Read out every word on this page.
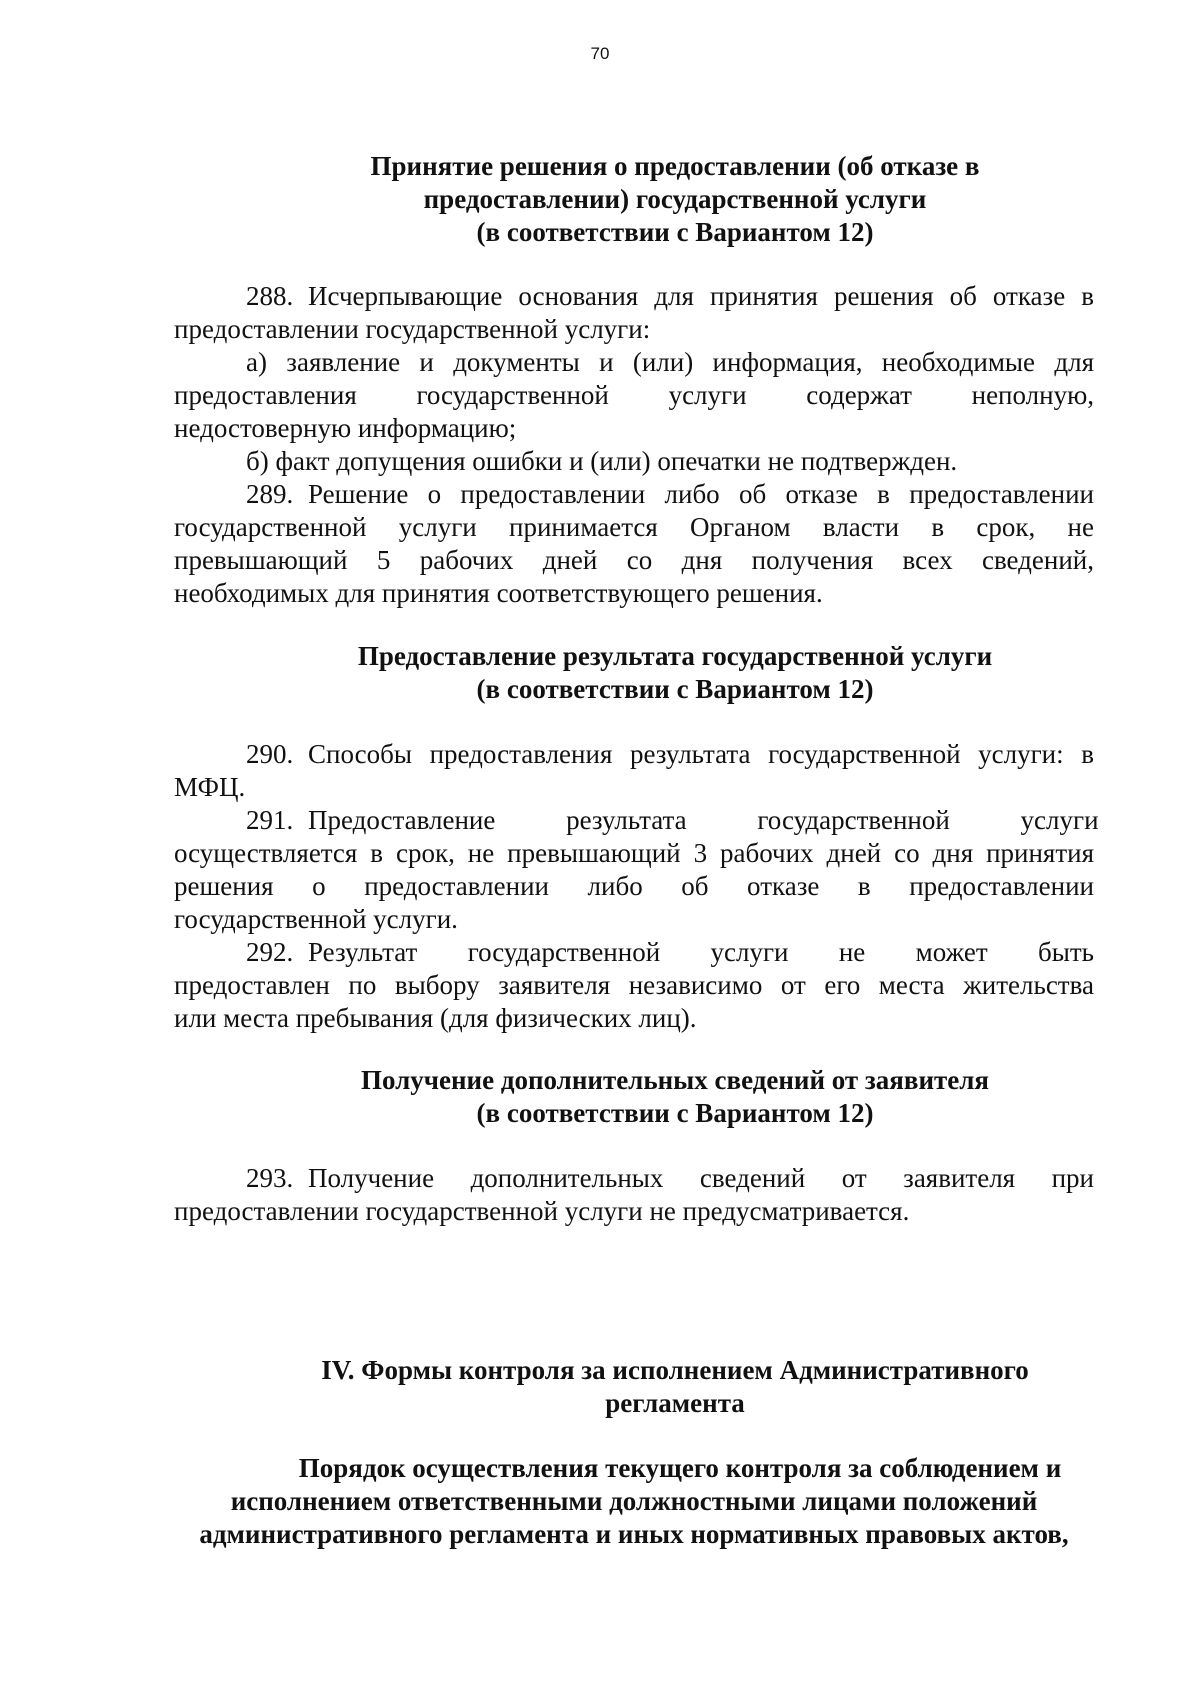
70
Принятие решения о предоставлении (об отказе в
предоставлении) государственной услуги
(в соответствии с Вариантом 12)
288. Исчерпывающие основания для принятия решения об отказе в
предоставлении государственной услуги:
а) заявление и документы и (или) информация, необходимые для
предоставления государственной услуги содержат неполную,
недостоверную информацию;
б) факт допущения ошибки и (или) опечатки не подтвержден.
289. Решение о предоставлении либо об отказе в предоставлении
государственной услуги принимается Органом власти в срок, не
превышающий 5 рабочих дней со дня получения всех сведений,
необходимых для принятия соответствующего решения.
Предоставление результата государственной услуги
(в соответствии с Вариантом 12)
290. Способы предоставления результата государственной услуги: в
МФЦ.
291. Предоставление результата государственной услуги
осуществляется в срок, не превышающий 3 рабочих дней со дня принятия
решения о предоставлении либо об отказе в предоставлении
государственной услуги.
292. Результат государственной услуги не может быть
предоставлен по выбору заявителя независимо от его места жительства
или места пребывания (для физических лиц).
Получение дополнительных сведений от заявителя
(в соответствии с Вариантом 12)
293. Получение дополнительных сведений от заявителя при
предоставлении государственной услуги не предусматривается.
IV. Формы контроля за исполнением Административного
регламента
Порядок осуществления текущего контроля за соблюдением и
исполнением ответственными должностными лицами положений
административного регламента и иных нормативных правовых актов,
